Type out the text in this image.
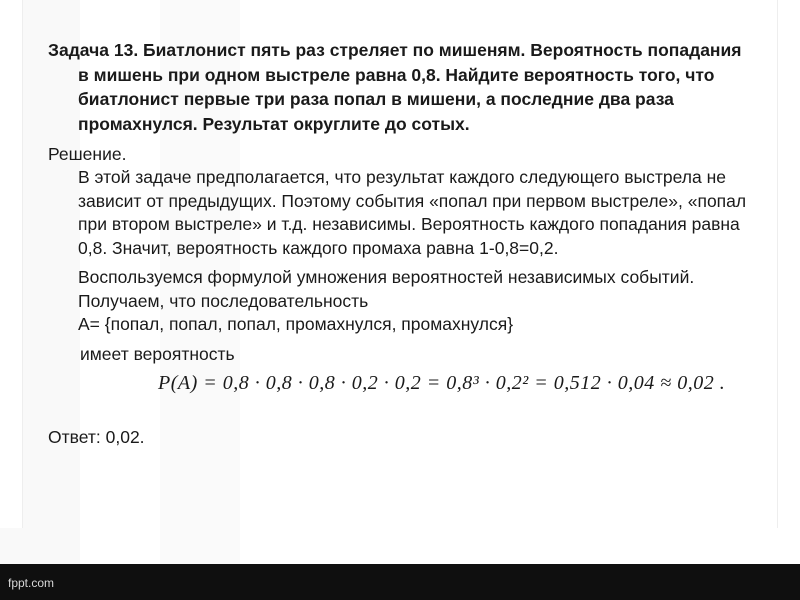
Задача 13. Биатлонист пять раз стреляет по мишеням. Вероятность попадания в мишень при одном выстреле равна 0,8. Найдите вероятность того, что биатлонист первые три раза попал в мишени, а последние два раза промахнулся. Результат округлите до сотых.

Решение.

В этой задаче предполагается, что результат каждого следующего выстрела не зависит от предыдущих. Поэтому события «попал при первом выстреле», «попал при втором выстреле» и т.д. независимы. Вероятность каждого попадания равна 0,8. Значит, вероятность каждого промаха равна 1-0,8=0,2.

Воспользуемся формулой умножения вероятностей независимых событий. Получаем, что последовательность

A= {попал, попал, попал, промахнулся, промахнулся}

имеет вероятность

P(A) = 0,8 · 0,8 · 0,8 · 0,2 · 0,2 = 0,8³ · 0,2² = 0,512 · 0,04 ≈ 0,02 .

Ответ: 0,02.

fppt.com
